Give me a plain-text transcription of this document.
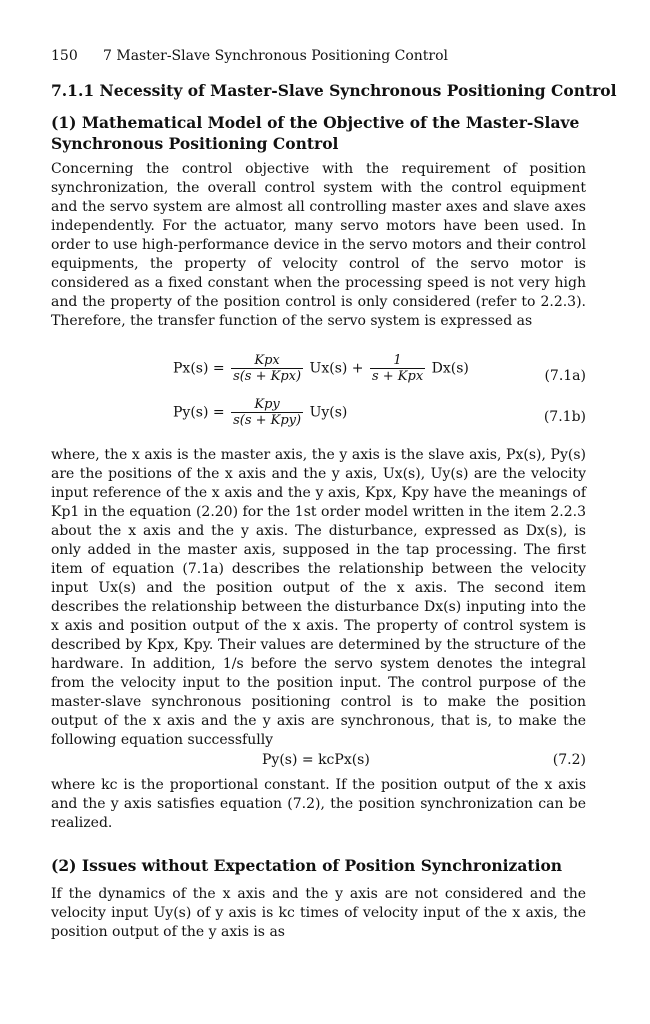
150 7 Master-Slave Synchronous Positioning Control
7.1.1 Necessity of Master-Slave Synchronous Positioning Control
(1) Mathematical Model of the Objective of the Master-Slave Synchronous Positioning Control

Concerning the control objective with the requirement of position synchronization, the overall control system with the control equipment and the servo system are almost all controlling master axes and slave axes independently. For the actuator, many servo motors have been used. In order to use high-performance device in the servo motors and their control equipments, the property of velocity control of the servo motor is considered as a fixed constant when the processing speed is not very high and the property of the position control is only considered (refer to 2.2.3). Therefore, the transfer function of the servo system is expressed as

$Px(s) = \frac{\text{Kpx}}{\text{s(s + Kpx)}} Ux(s) + \frac{1}{\text{s + Kpx}} Dx(s)$	(7.1a)
$Py(s) = \frac{\text{Kpy}}{\text{s(s + Kpy)}} Uy(s)$	(7.1b)

where, the x axis is the master axis, the y axis is the slave axis, Px(s), Py(s) are the positions of the x axis and the y axis, Ux(s), Uy(s) are the velocity input reference of the x axis and the y axis, Kpx, Kpy have the meanings of Kp1 in the equation (2.20) for the 1st order model written in the item 2.2.3 about the x axis and the y axis. The disturbance, expressed as Dx(s), is only added in the master axis, supposed in the tap processing. The first item of equation (7.1a) describes the relationship between the velocity input Ux(s) and the position output of the x axis. The second item describes the relationship between the disturbance Dx(s) inputing into the x axis and position output of the x axis. The property of control system is described by Kpx, Kpy. Their values are determined by the structure of the hardware. In addition, 1/s before the servo system denotes the integral from the velocity input to the position input. The control purpose of the master-slave synchronous positioning control is to make the position output of the x axis and the y axis are synchronous, that is, to make the following equation successfully

Py(s) = kcPx(s)	(7.2)

where kc is the proportional constant. If the position output of the x axis and the y axis satisfies equation (7.2), the position synchronization can be realized.

(2) Issues without Expectation of Position Synchronization

If the dynamics of the x axis and the y axis are not considered and the velocity input Uy(s) of y axis is kc times of velocity input of the x axis, the position output of the y axis is as
